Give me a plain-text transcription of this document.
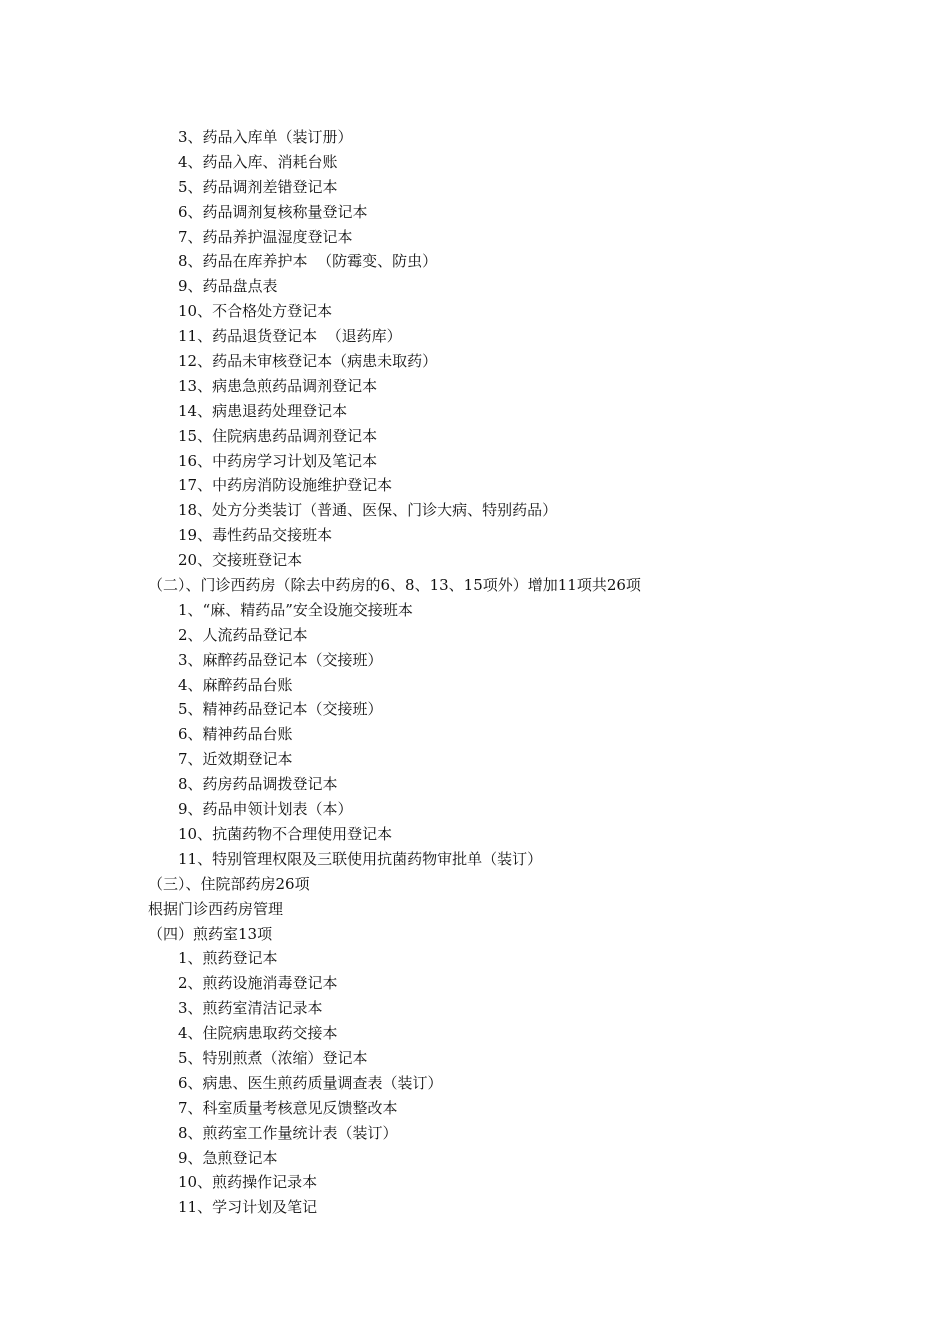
3、药品入库单（装订册）
4、药品入库、消耗台账
5、药品调剂差错登记本
6、药品调剂复核称量登记本
7、药品养护温湿度登记本
8、药品在库养护本  （防霉变、防虫）
9、药品盘点表
10、不合格处方登记本
11、药品退货登记本  （退药库）
12、药品未审核登记本（病患未取药）
13、病患急煎药品调剂登记本
14、病患退药处理登记本
15、住院病患药品调剂登记本
16、中药房学习计划及笔记本
17、中药房消防设施维护登记本
18、处方分类装订（普通、医保、门诊大病、特别药品）
19、毒性药品交接班本
20、交接班登记本
（二）、门诊西药房（除去中药房的6、8、13、15项外）增加11项共26项
1、“麻、精药品”安全设施交接班本
2、人流药品登记本
3、麻醉药品登记本（交接班）
4、麻醉药品台账
5、精神药品登记本（交接班）
6、精神药品台账
7、近效期登记本
8、药房药品调拨登记本
9、药品申领计划表（本）
10、抗菌药物不合理使用登记本
11、特别管理权限及三联使用抗菌药物审批单（装订）
（三）、住院部药房26项
根据门诊西药房管理
（四）煎药室13项
1、煎药登记本
2、煎药设施消毒登记本
3、煎药室清洁记录本
4、住院病患取药交接本
5、特别煎煮（浓缩）登记本
6、病患、医生煎药质量调查表（装订）
7、科室质量考核意见反馈整改本
8、煎药室工作量统计表（装订）
9、急煎登记本
10、煎药操作记录本
11、学习计划及笔记
